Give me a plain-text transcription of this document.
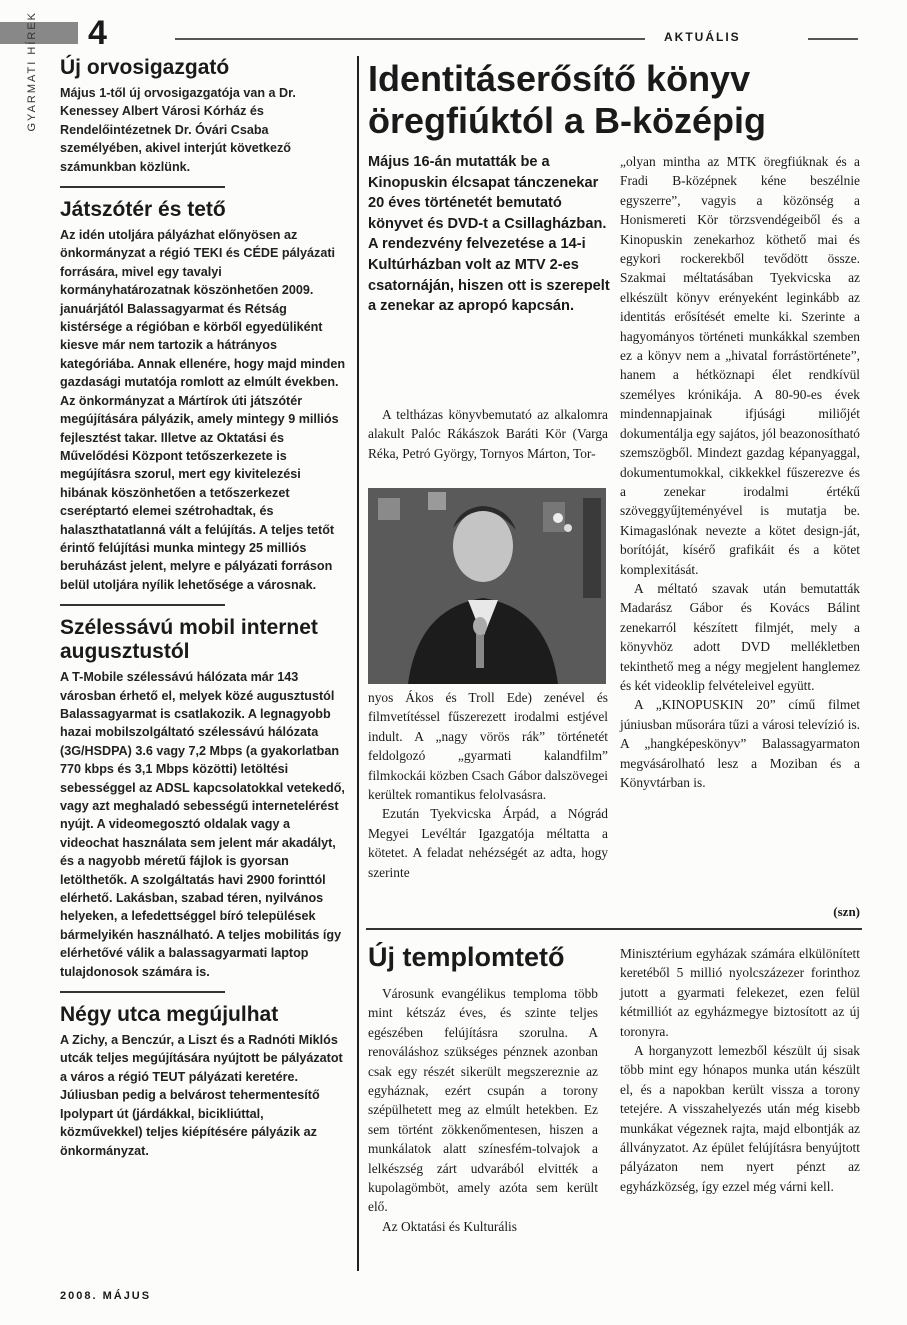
4	AKTUÁLIS
GYARMATI HÍREK Új orvosigazgató

Május 1-től új orvosigazgatója van a Dr. Kenessey Albert Városi Kórház és Rendelőintézetnek Dr. Óvári Csaba személyében, akivel interjút következő számunkban közlünk.

Játszótér és tető

Az idén utoljára pályázhat előnyösen az önkormányzat a régió TEKI és CÉDE pályázati forrására, mivel egy tavalyi kormányhatározatnak köszönhetően 2009. januárjától Balassagyarmat és Rétság kistérsége a régióban e körből egyedüliként kiesve már nem tartozik a hátrányos kategóriába. Annak ellenére, hogy majd minden gazdasági mutatója romlott az elmúlt években. Az önkormányzat a Mártírok úti játszótér megújítására pályázik, amely mintegy 9 milliós fejlesztést takar. Illetve az Oktatási és Művelődési Központ tetőszerkezete is megújításra szorul, mert egy kivitelezési hibának köszönhetően a tetőszerkezet cseréptartó elemei szétrohadtak, és halaszthatatlanná vált a felújítás. A teljes tetőt érintő felújítási munka mintegy 25 milliós beruházást jelent, melyre e pályázati forráson belül utoljára nyílik lehetősége a városnak.

Szélessávú mobil internet augusztustól

A T-Mobile szélessávú hálózata már 143 városban érhető el, melyek közé augusztustól Balassagyarmat is csatlakozik. A legnagyobb hazai mobilszolgáltató szélessávú hálózata (3G/HSDPA) 3.6 vagy 7,2 Mbps (a gyakorlatban 770 kbps és 3,1 Mbps közötti) letöltési sebességgel az ADSL kapcsolatokkal vetekedő, vagy azt meghaladó sebességű internetelérést nyújt. A videomegosztó oldalak vagy a videochat használata sem jelent már akadályt, és a nagyobb méretű fájlok is gyorsan letölthetők. A szolgáltatás havi 2900 forinttól elérhető. Lakásban, szabad téren, nyilvános helyeken, a lefedettséggel bíró települések bármelyikén használható. A teljes mobilitás így elérhetővé válik a balassagyarmati laptop tulajdonosok számára is.

Négy utca megújulhat

A Zichy, a Benczúr, a Liszt és a Radnóti Miklós utcák teljes megújítására nyújtott be pályázatot a város a régió TEUT pályázati keretére. Júliusban pedig a belvárost tehermentesítő Ipolypart út (járdákkal, bicikliúttal, közművekkel) teljes kiépítésére pályázik az önkormányzat.

Identitáserősítő könyv öregfiúktól a B-középig

Május 16-án mutatták be a Kinopuskin élcsapat tánczenekar 20 éves történetét bemutató könyvet és DVD-t a Csillagházban. A rendezvény felvezetése a 14-i Kultúrházban volt az MTV 2-es csatornáján, hiszen ott is szerepelt a zenekar az apropó kapcsán.

A teltházas könyvbemutató az alkalomra alakult Palóc Rákászok Baráti Kör (Varga Réka, Petró György, Tornyos Márton, Tor-

nyos Ákos és Troll Ede) zenével és filmvetítéssel fűszerezett irodalmi estjével indult. A „nagy vörös rák” történetét feldolgozó „gyarmati kalandfilm” filmkockái közben Csach Gábor dalszövegei kerültek romantikus felolvasásra.

Ezután Tyekvicska Árpád, a Nógrád Megyei Levéltár Igazgatója méltatta a kötetet. A feladat nehézségét az adta, hogy szerinte

„olyan mintha az MTK öregfiúknak és a Fradi B-középnek kéne beszélnie egyszerre”, vagyis a közönség a Honismereti Kör törzsvendégeiből és a Kinopuskin zenekarhoz köthető mai és egykori rockerekből tevődött össze. Szakmai méltatásában Tyekvicska az elkészült könyv erényeként leginkább az identitás erősítését emelte ki. Szerinte a hagyományos történeti munkákkal szemben ez a könyv nem a „hivatal forrástörténete”, hanem a hétköznapi élet rendkívül személyes krónikája. A 80-90-es évek mindennapjainak ifjúsági miliőjét dokumentálja egy sajátos, jól beazonosítható szemszögből. Mindezt gazdag képanyaggal, dokumentumokkal, cikkekkel fűszerezve és a zenekar irodalmi értékű szöveggyűjteményével is mutatja be. Kimagaslónak nevezte a kötet design-ját, borítóját, kísérő grafikáit és a kötet komplexitását.

A méltató szavak után bemutatták Madarász Gábor és Kovács Bálint zenekarról készített filmjét, mely a könyvhöz adott DVD mellékletben tekinthető meg a négy megjelent hanglemez és két videoklip felvételeivel együtt.

A „KINOPUSKIN 20” című filmet júniusban műsorára tűzi a városi televízió is. A „hangképeskönyv” Balassagyarmaton megvásárolható lesz a Moziban és a Könyvtárban is.

(szn)
Új templomtető

Városunk evangélikus temploma több mint kétszáz éves, és szinte teljes egészében felújításra szorulna. A renováláshoz szükséges pénznek azonban csak egy részét sikerült megszereznie az egyháznak, ezért csupán a torony szépülhetett meg az elmúlt hetekben. Ez sem történt zökkenőmentesen, hiszen a munkálatok alatt színesfém-tolvajok a lelkészség zárt udvarából elvitték a kupolagömböt, amely azóta sem került elő.

Az Oktatási és Kulturális

Minisztérium egyházak számára elkülönített keretéből 5 millió nyolcszázezer forinthoz jutott a gyarmati felekezet, ezen felül kétmilliót az egyházmegye biztosított az új toronyra.

A horganyzott lemezből készült új sisak több mint egy hónapos munka után készült el, és a napokban került vissza a torony tetejére. A visszahelyezés után még kisebb munkákat végeznek rajta, majd elbontják az állványzatot. Az épület felújításra benyújtott pályázaton nem nyert pénzt az egyházközség, így ezzel még várni kell.

2008. MÁJUS
